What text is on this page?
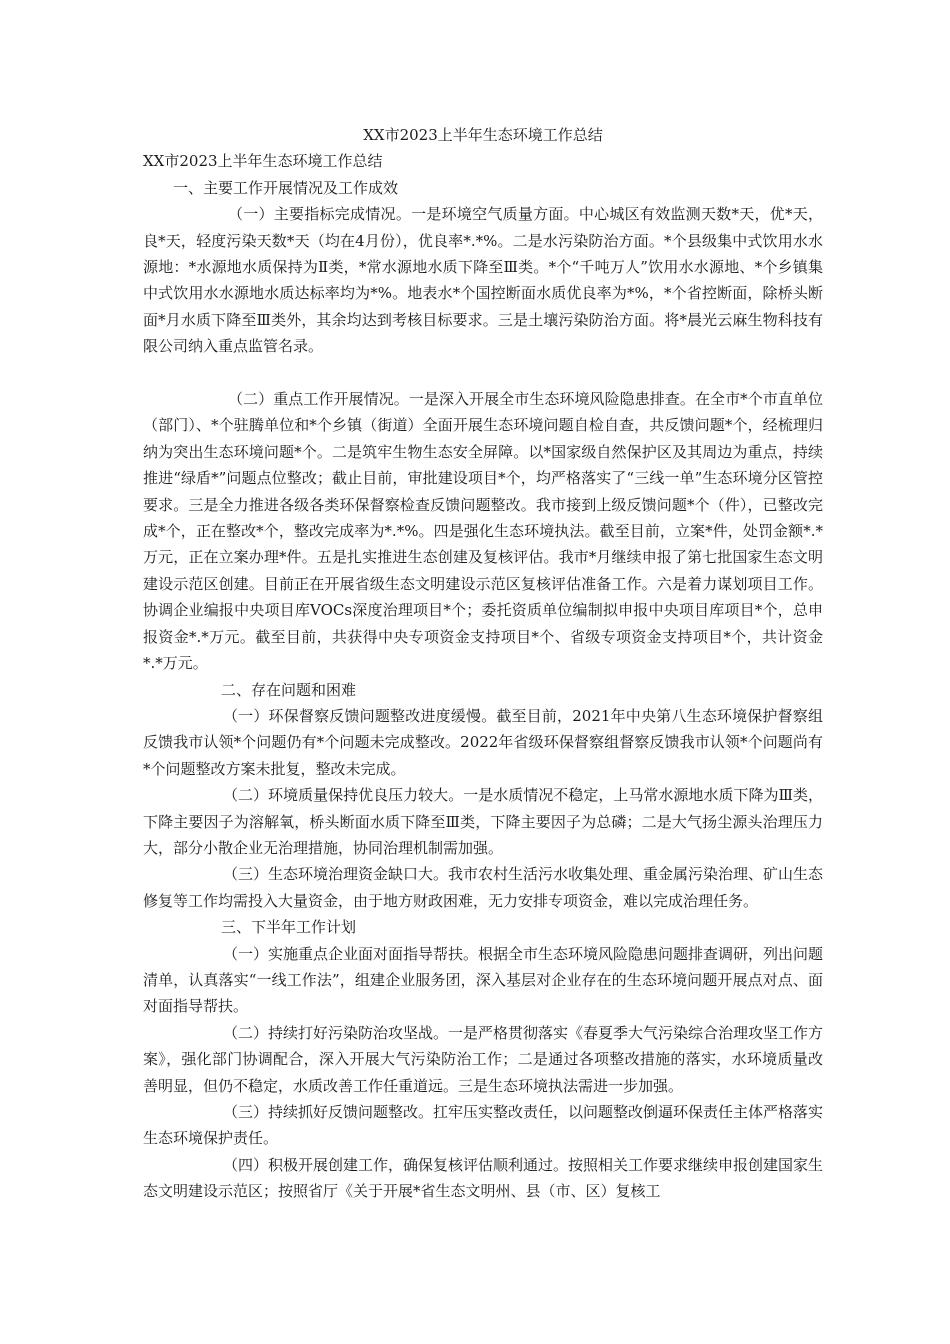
XX市2023上半年生态环境工作总结

XX市2023上半年生态环境工作总结

一、主要工作开展情况及工作成效

（一）主要指标完成情况。一是环境空气质量方面。中心城区有效监测天数*天，优*天，良*天，轻度污染天数*天（均在4月份），优良率*.*%。二是水污染防治方面。*个县级集中式饮用水水源地：*水源地水质保持为Ⅱ类，*常水源地水质下降至Ⅲ类。*个“千吨万人”饮用水水源地、*个乡镇集中式饮用水水源地水质达标率均为*%。地表水*个国控断面水质优良率为*%，*个省控断面，除桥头断面*月水质下降至Ⅲ类外，其余均达到考核目标要求。三是土壤污染防治方面。将*晨光云麻生物科技有限公司纳入重点监管名录。

（二）重点工作开展情况。一是深入开展全市生态环境风险隐患排查。在全市*个市直单位（部门）、*个驻腾单位和*个乡镇（街道）全面开展生态环境问题自检自查，共反馈问题*个，经梳理归纳为突出生态环境问题*个。二是筑牢生物生态安全屏障。以*国家级自然保护区及其周边为重点，持续推进“绿盾*”问题点位整改；截止目前，审批建设项目*个，均严格落实了“三线一单”生态环境分区管控要求。三是全力推进各级各类环保督察检查反馈问题整改。我市接到上级反馈问题*个（件），已整改完成*个，正在整改*个，整改完成率为*.*%。四是强化生态环境执法。截至目前，立案*件，处罚金额*.*万元，正在立案办理*件。五是扎实推进生态创建及复核评估。我市*月继续申报了第七批国家生态文明建设示范区创建。目前正在开展省级生态文明建设示范区复核评估准备工作。六是着力谋划项目工作。协调企业编报中央项目库VOCs深度治理项目*个；委托资质单位编制拟申报中央项目库项目*个，总申报资金*.*万元。截至目前，共获得中央专项资金支持项目*个、省级专项资金支持项目*个，共计资金*.*万元。

二、存在问题和困难

（一）环保督察反馈问题整改进度缓慢。截至目前，2021年中央第八生态环境保护督察组反馈我市认领*个问题仍有*个问题未完成整改。2022年省级环保督察组督察反馈我市认领*个问题尚有*个问题整改方案未批复，整改未完成。

（二）环境质量保持优良压力较大。一是水质情况不稳定，上马常水源地水质下降为Ⅲ类，下降主要因子为溶解氧，桥头断面水质下降至Ⅲ类，下降主要因子为总磷；二是大气扬尘源头治理压力大，部分小散企业无治理措施，协同治理机制需加强。

（三）生态环境治理资金缺口大。我市农村生活污水收集处理、重金属污染治理、矿山生态修复等工作均需投入大量资金，由于地方财政困难，无力安排专项资金，难以完成治理任务。

三、下半年工作计划

（一）实施重点企业面对面指导帮扶。根据全市生态环境风险隐患问题排查调研，列出问题清单，认真落实“一线工作法”，组建企业服务团，深入基层对企业存在的生态环境问题开展点对点、面对面指导帮扶。

（二）持续打好污染防治攻坚战。一是严格贯彻落实《春夏季大气污染综合治理攻坚工作方案》，强化部门协调配合，深入开展大气污染防治工作；二是通过各项整改措施的落实，水环境质量改善明显，但仍不稳定，水质改善工作任重道远。三是生态环境执法需进一步加强。

（三）持续抓好反馈问题整改。扛牢压实整改责任，以问题整改倒逼环保责任主体严格落实生态环境保护责任。

（四）积极开展创建工作，确保复核评估顺利通过。按照相关工作要求继续申报创建国家生态文明建设示范区；按照省厅《关于开展*省生态文明州、县（市、区）复核工
